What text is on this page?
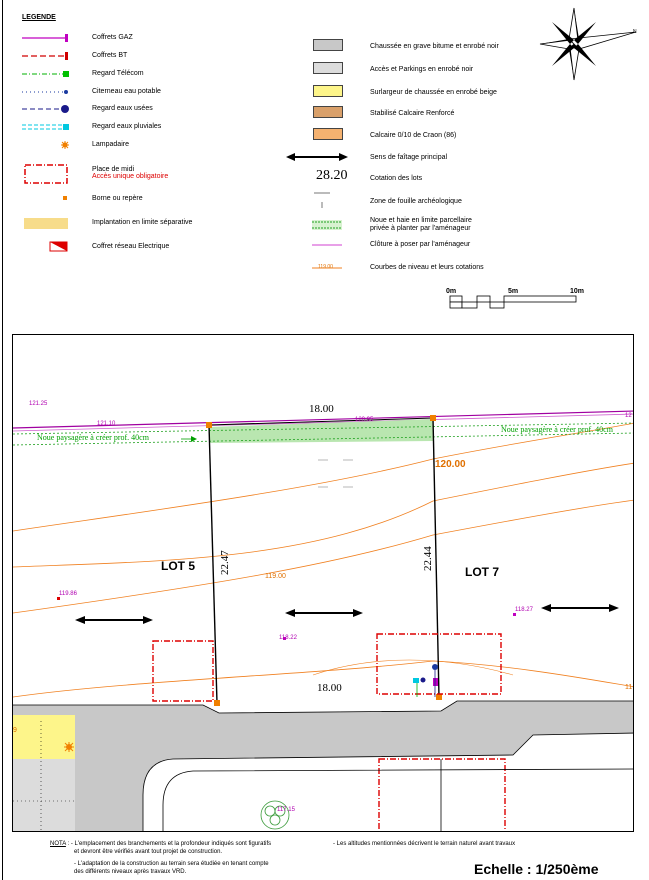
LEGENDE
Coffrets GAZ
Coffrets BT
Regard Télécom
Citerneau eau potable
Regard eaux usées
Regard eaux pluviales
Lampadaire
Place de midi
Accès unique obligatoire
Borne ou repère
Implantation en limite séparative
Coffret réseau Electrique
28.20
119.00
Chaussée en grave bitume et enrobé noir
Accès et Parkings en enrobé noir
Surlargeur de chaussée en enrobé beige
Stabilisé Calcaire Renforcé
Calcaire 0/10 de Craon (86)
Sens de faîtage principal
Cotation des lots
Zone de fouille archéologique
Noue et haie en limite parcellaire
privée à planter par l'aménageur
Clôture à poser par l'aménageur
Courbes de niveau et leurs cotations
0m	5m	10m
N
LOT 5	LOT 7
22.47	22.44
18.00
18.00
121.25
121.10
120.95
119.86
118.22
118.27
117.15
12
11
9
Noue paysagère à créer prof. 40cm
Noue paysagère à créer prof. 40cm
120.00
119.00
NOTA : - L'emplacement des branchements et la profondeur indiqués sont figuratifs
et devront être vérifiés avant tout projet de construction.
- L'adaptation de la construction au terrain sera étudiée en tenant compte
des différents niveaux après travaux VRD.
- Les altitudes mentionnées décrivent le terrain naturel avant travaux
Echelle : 1/250ème
